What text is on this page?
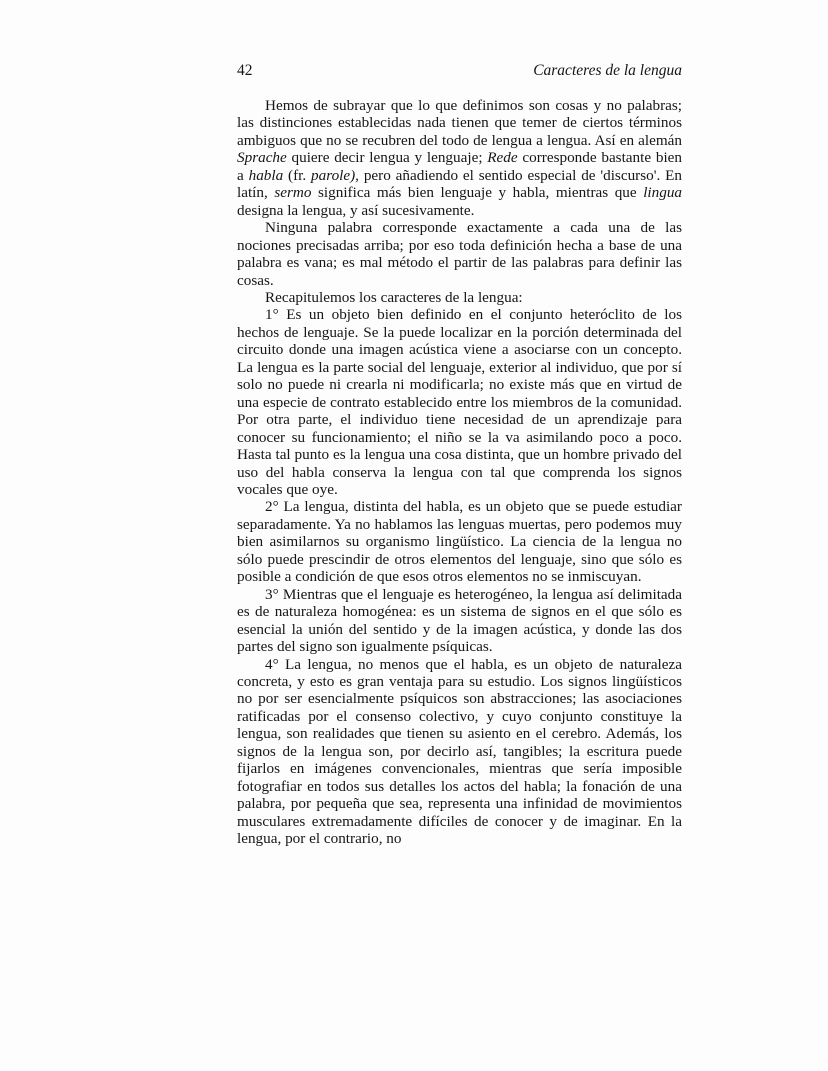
42	Caracteres de la lengua

Hemos de subrayar que lo que definimos son cosas y no palabras; las distinciones establecidas nada tienen que temer de ciertos términos ambiguos que no se recubren del todo de lengua a lengua. Así en alemán Sprache quiere decir lengua y lenguaje; Rede corresponde bastante bien a habla (fr. parole), pero añadiendo el sentido especial de 'discurso'. En latín, sermo significa más bien lenguaje y habla, mientras que lingua designa la lengua, y así sucesivamente.

Ninguna palabra corresponde exactamente a cada una de las nociones precisadas arriba; por eso toda definición hecha a base de una palabra es vana; es mal método el partir de las palabras para definir las cosas.

Recapitulemos los caracteres de la lengua:

1° Es un objeto bien definido en el conjunto heteróclito de los hechos de lenguaje. Se la puede localizar en la porción determinada del circuito donde una imagen acústica viene a asociarse con un concepto. La lengua es la parte social del lenguaje, exterior al individuo, que por sí solo no puede ni crearla ni modificarla; no existe más que en virtud de una especie de contrato establecido entre los miembros de la comunidad. Por otra parte, el individuo tiene necesidad de un aprendizaje para conocer su funcionamiento; el niño se la va asimilando poco a poco. Hasta tal punto es la lengua una cosa distinta, que un hombre privado del uso del habla conserva la lengua con tal que comprenda los signos vocales que oye.

2° La lengua, distinta del habla, es un objeto que se puede estudiar separadamente. Ya no hablamos las lenguas muertas, pero podemos muy bien asimilarnos su organismo lingüístico. La ciencia de la lengua no sólo puede prescindir de otros elementos del lenguaje, sino que sólo es posible a condición de que esos otros elementos no se inmiscuyan.

3° Mientras que el lenguaje es heterogéneo, la lengua así delimitada es de naturaleza homogénea: es un sistema de signos en el que sólo es esencial la unión del sentido y de la imagen acústica, y donde las dos partes del signo son igualmente psíquicas.

4° La lengua, no menos que el habla, es un objeto de naturaleza concreta, y esto es gran ventaja para su estudio. Los signos lingüísticos no por ser esencialmente psíquicos son abstracciones; las asociaciones ratificadas por el consenso colectivo, y cuyo conjunto constituye la lengua, son realidades que tienen su asiento en el cerebro. Además, los signos de la lengua son, por decirlo así, tangibles; la escritura puede fijarlos en imágenes convencionales, mientras que sería imposible fotografiar en todos sus detalles los actos del habla; la fonación de una palabra, por pequeña que sea, representa una infinidad de movimientos musculares extremadamente difíciles de conocer y de imaginar. En la lengua, por el contrario, no
